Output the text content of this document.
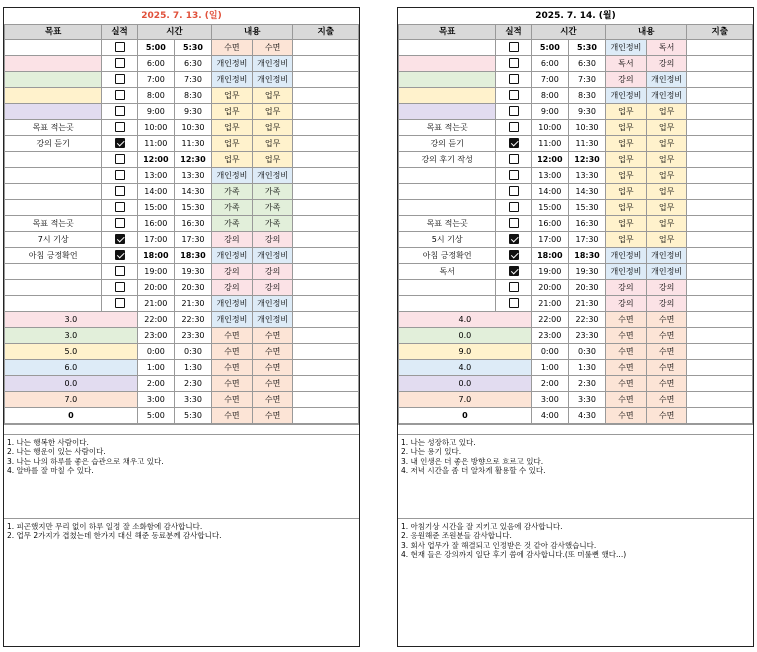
2025. 7. 13. (일)
목표	실적	시간		내용		지출
		5:00	5:30	수면	수면	
		6:00	6:30	개인정비	개인정비	
		7:00	7:30	개인정비	개인정비	
		8:00	8:30	업무	업무	
		9:00	9:30	업무	업무	
목표 적는곳		10:00	10:30	업무	업무	
강의 듣기		11:00	11:30	업무	업무	
		12:00	12:30	업무	업무	
		13:00	13:30	개인정비	개인정비	
		14:00	14:30	가족	가족	
		15:00	15:30	가족	가족	
목표 적는곳		16:00	16:30	가족	가족	
7시 기상		17:00	17:30	강의	강의	
아침 긍정확언		18:00	18:30	개인정비	개인정비	
		19:00	19:30	강의	강의	
		20:00	20:30	강의	강의	
		21:00	21:30	개인정비	개인정비	
3.0		22:00	22:30	개인정비	개인정비	
3.0		23:00	23:30	수면	수면	
5.0		0:00	0:30	수면	수면	
6.0		1:00	1:30	수면	수면	
0.0		2:00	2:30	수면	수면	
7.0		3:00	3:30	수면	수면	
0		5:00	5:30	수면	수면	
1. 나는 행복한 사람이다.
2. 나는 행운이 있는 사람이다.
3. 나는 나의 하루를 좋은 습관으로 채우고 있다.
4. 알바를 잘 마칠 수 있다.
1. 피곤했지만 무리 없이 하루 일정 잘 소화함에 감사합니다.
2. 업무 2가지가 겹쳤는데 한가지 대신 해준 동료분께 감사합니다.
2025. 7. 14. (월)
목표	실적	시간		내용		지출
		5:00	5:30	개인정비	독서	
		6:00	6:30	독서	강의	
		7:00	7:30	강의	개인정비	
		8:00	8:30	개인정비	개인정비	
		9:00	9:30	업무	업무	
목표 적는곳		10:00	10:30	업무	업무	
강의 듣기		11:00	11:30	업무	업무	
강의 후기 작성		12:00	12:30	업무	업무	
		13:00	13:30	업무	업무	
		14:00	14:30	업무	업무	
		15:00	15:30	업무	업무	
목표 적는곳		16:00	16:30	업무	업무	
5시 기상		17:00	17:30	업무	업무	
아침 긍정확언		18:00	18:30	개인정비	개인정비	
독서		19:00	19:30	개인정비	개인정비	
		20:00	20:30	강의	강의	
		21:00	21:30	강의	강의	
4.0		22:00	22:30	수면	수면	
0.0		23:00	23:30	수면	수면	
9.0		0:00	0:30	수면	수면	
4.0		1:00	1:30	수면	수면	
0.0		2:00	2:30	수면	수면	
7.0		3:00	3:30	수면	수면	
0		4:00	4:30	수면	수면	
1. 나는 성장하고 있다.
2. 나는 용기 있다.
3. 내 인생은 더 좋은 방향으로 흐르고 있다.
4. 저녁 시간을 좀 더 알차게 활용할 수 있다.
1. 아침기상 시간을 잘 지키고 있음에 감사합니다.
2. 응원해준 조원분들 감사합니다.
3. 회사 업무가 잘 해결되고 인정받은 것 같아 감사했습니다.
4. 현재 들은 강의까지 일단 후기 씀에 감사합니다.(또 미룰뻔 했다...)
